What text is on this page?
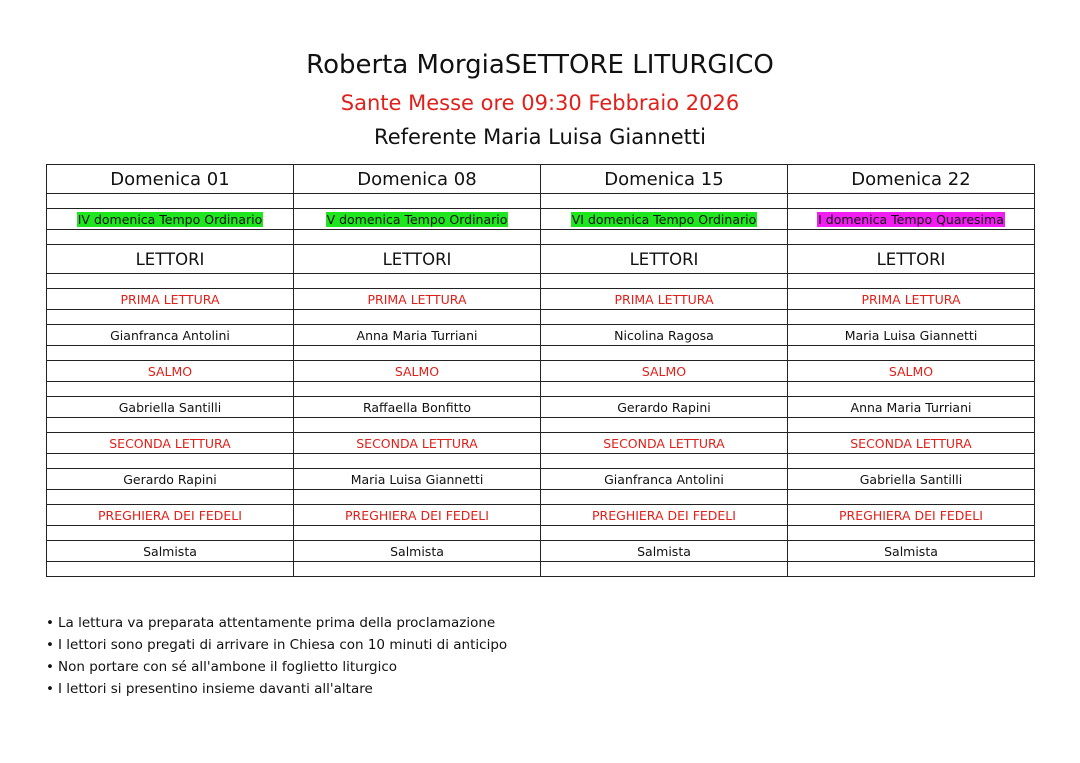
Roberta MorgiaSETTORE LITURGICO
Sante Messe ore 09:30 Febbraio 2026
Referente Maria Luisa Giannetti
Domenica 01	Domenica 08	Domenica 15	Domenica 22

IV domenica Tempo Ordinario	V domenica Tempo Ordinario	VI domenica Tempo Ordinario	I domenica Tempo Quaresima

LETTORI	LETTORI	LETTORI	LETTORI

PRIMA LETTURA	PRIMA LETTURA	PRIMA LETTURA	PRIMA LETTURA

Gianfranca Antolini	Anna Maria Turriani	Nicolina Ragosa	Maria Luisa Giannetti

SALMO	SALMO	SALMO	SALMO

Gabriella Santilli	Raffaella Bonfitto	Gerardo Rapini	Anna Maria Turriani

SECONDA LETTURA	SECONDA LETTURA	SECONDA LETTURA	SECONDA LETTURA

Gerardo Rapini	Maria Luisa Giannetti	Gianfranca Antolini	Gabriella Santilli

PREGHIERA DEI FEDELI	PREGHIERA DEI FEDELI	PREGHIERA DEI FEDELI	PREGHIERA DEI FEDELI

Salmista	Salmista	Salmista	Salmista

• La lettura va preparata attentamente prima della proclamazione
• I lettori sono pregati di arrivare in Chiesa con 10 minuti di anticipo
• Non portare con sé all'ambone il foglietto liturgico
• I lettori si presentino insieme davanti all'altare
